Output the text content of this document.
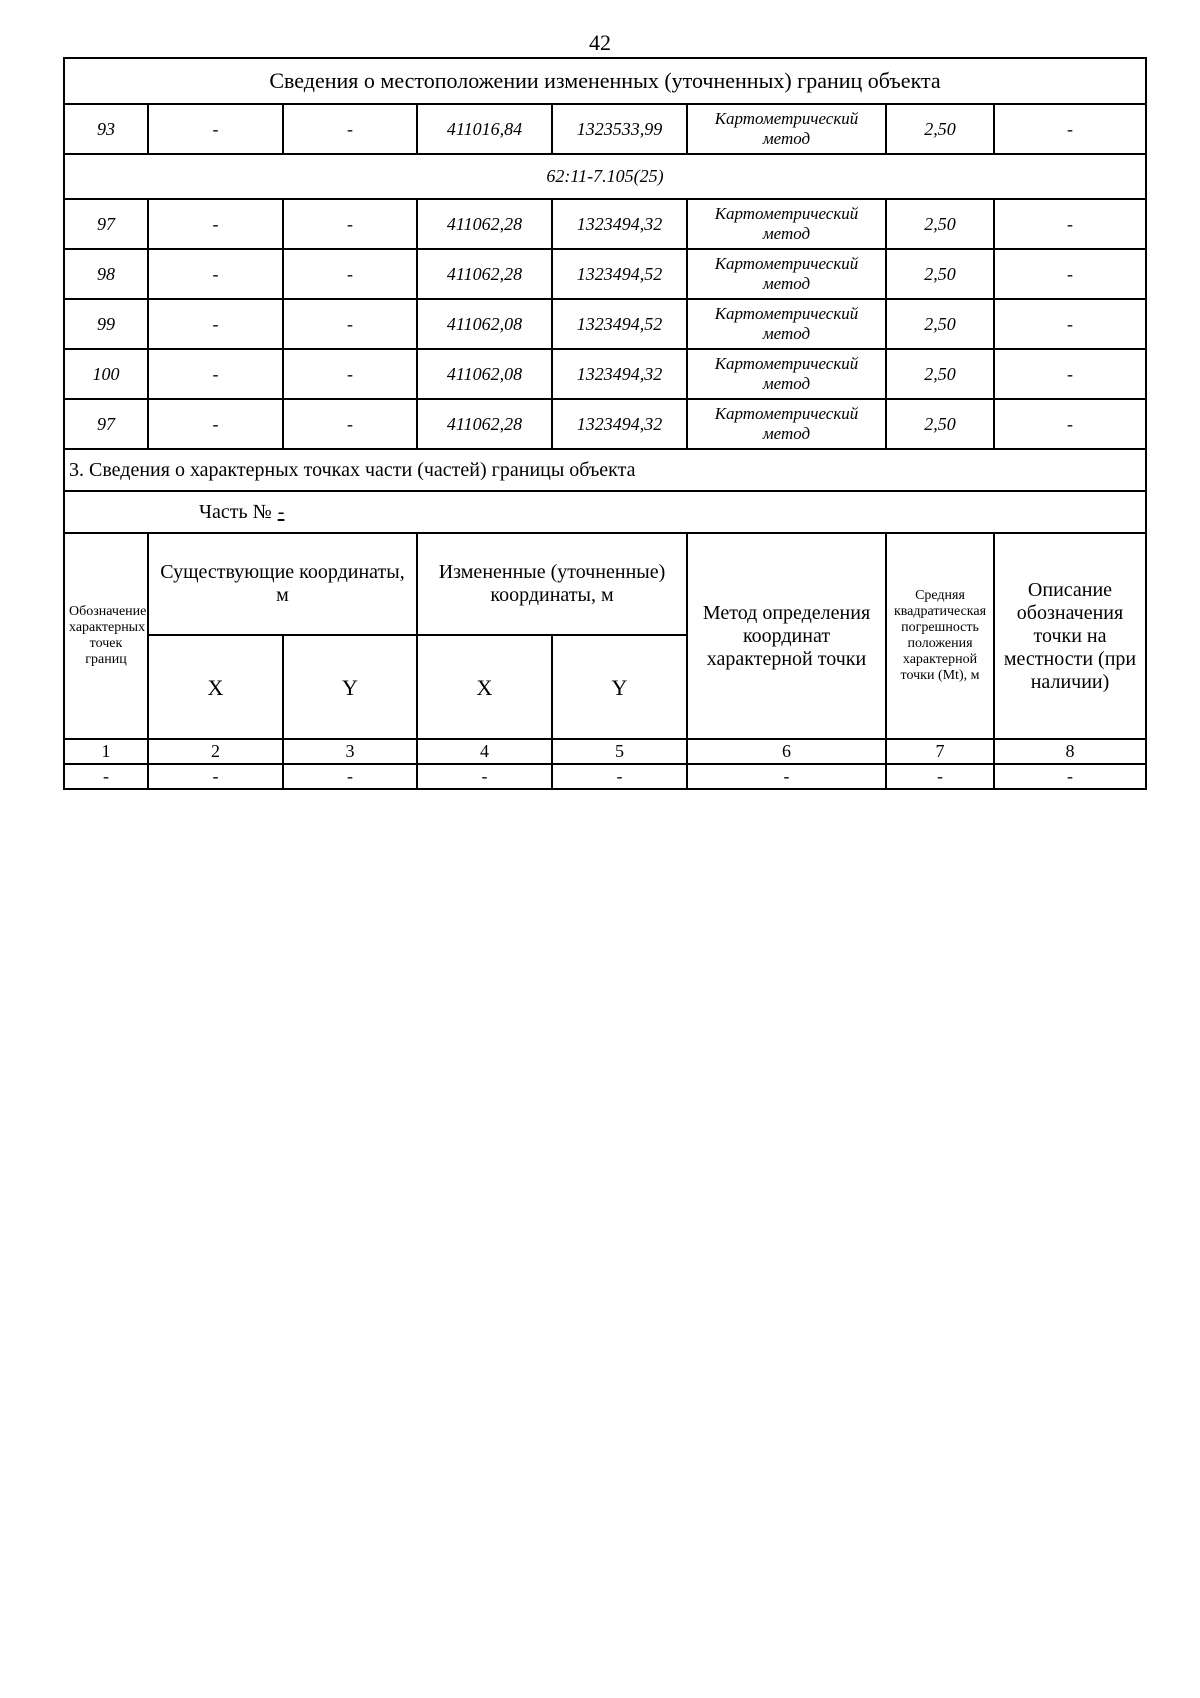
42
Сведения о местоположении измененных (уточненных) границ объекта							
93	-	-	411016,84	1323533,99	Картометрический метод	2,50	-
62:11-7.105(25)							
97	-	-	411062,28	1323494,32	Картометрический метод	2,50	-
98	-	-	411062,28	1323494,52	Картометрический метод	2,50	-
99	-	-	411062,08	1323494,52	Картометрический метод	2,50	-
100	-	-	411062,08	1323494,32	Картометрический метод	2,50	-
97	-	-	411062,28	1323494,32	Картометрический метод	2,50	-
3. Сведения о характерных точках части (частей) границы объекта							
Часть № -							
Обозначение характерных точек границ	Существующие координаты, м		Измененные (уточненные) координаты, м		Метод определения координат характерной точки	Средняя квадратическая погрешность положения характерной точки (Mt), м	Описание обозначения точки на местности (при наличии)
	X	Y	X	Y			
1	2	3	4	5	6	7	8
-	-	-	-	-	-	-	-
